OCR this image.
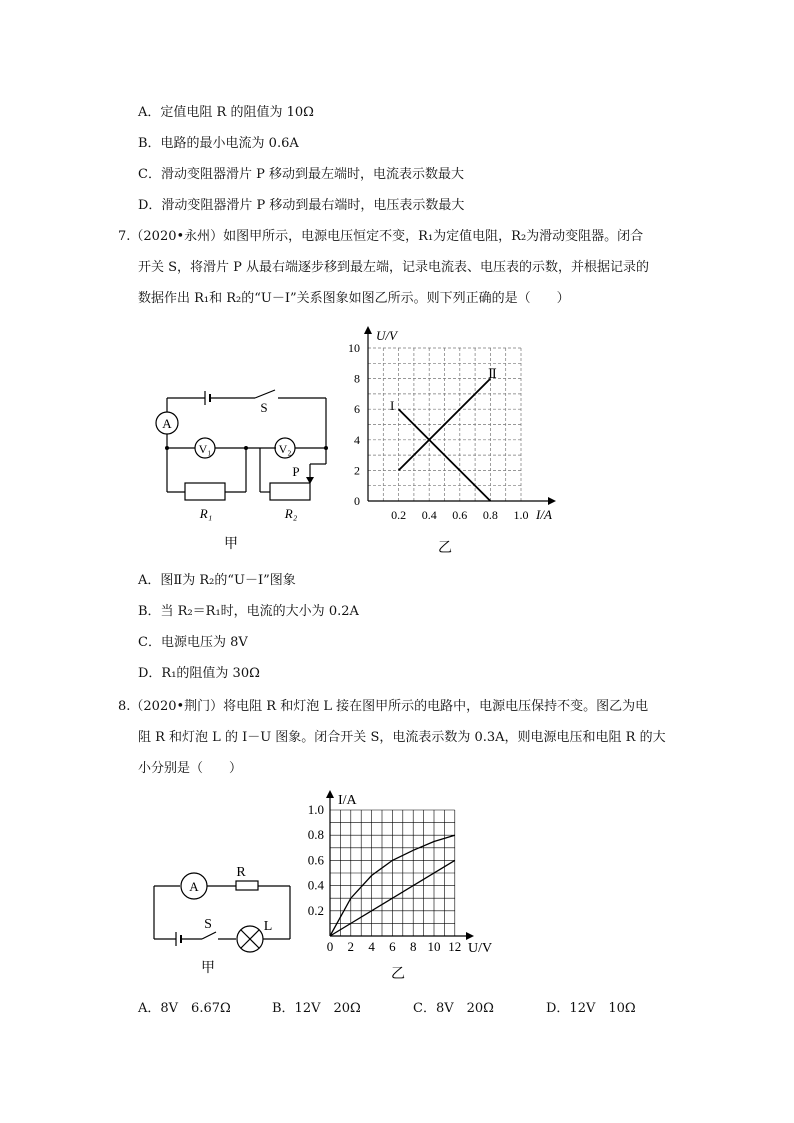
A．定值电阻 R 的阻值为 10Ω
B．电路的最小电流为 0.6A
C．滑动变阻器滑片 P 移动到最左端时，电流表示数最大
D．滑动变阻器滑片 P 移动到最右端时，电压表示数最大
7.（2020•永州）如图甲所示，电源电压恒定不变，R₁为定值电阻，R₂为滑动变阻器。闭合
开关 S，将滑片 P 从最右端逐步移到最左端，记录电流表、电压表的示数，并根据记录的
数据作出 R₁和 R₂的“U－I”关系图象如图乙所示。则下列正确的是（　　）
A
S
V₁	V₂
P
R₁	R₂
甲
0.2 0.4 0.6 0.8 1.0
0
2
4
6
8
10
U/V
I/A
I
Ⅱ
乙
A．图Ⅱ为 R₂的“U－I”图象
B．当 R₂＝R₁时，电流的大小为 0.2A
C．电源电压为 8V
D．R₁的阻值为 30Ω
8.（2020•荆门）将电阻 R 和灯泡 L 接在图甲所示的电路中，电源电压保持不变。图乙为电
阻 R 和灯泡 L 的 I－U 图象。闭合开关 S，电流表示数为 0.3A，则电源电压和电阻 R 的大
小分别是（　　）
A
R
S	L
甲
0 2 4 6 8 10 12
0.2
0.4
0.6
0.8
1.0
I/A
U/V
乙
A．8V　6.67Ω	B．12V　20Ω	C．8V　20Ω	D．12V　10Ω
